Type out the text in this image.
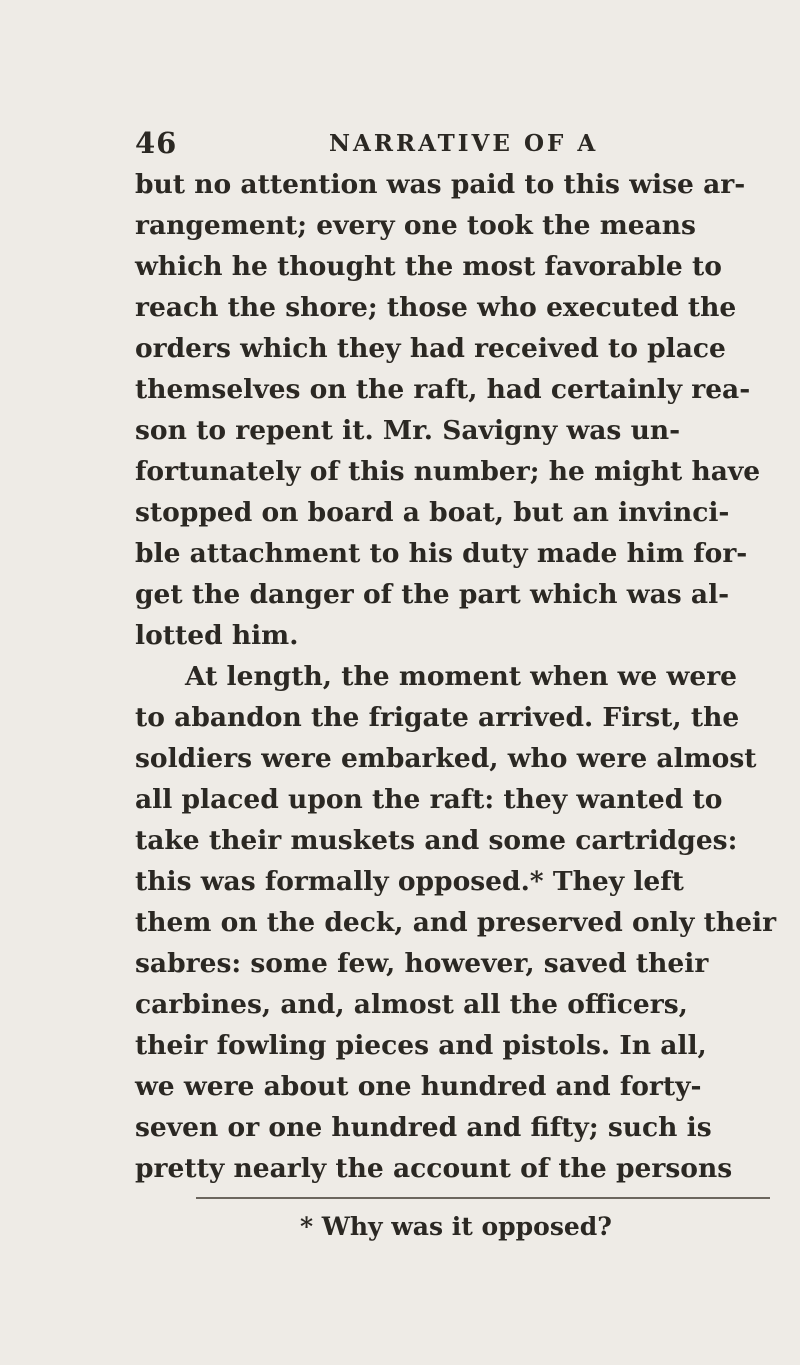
46	NARRATIVE OF A
but no attention was paid to this wise ar-
rangement; every one took the means
which he thought the most favorable to
reach the shore; those who executed the
orders which they had received to place
themselves on the raft, had certainly rea-
son to repent it. Mr. Savigny was un-
fortunately of this number; he might have
stopped on board a boat, but an invinci-
ble attachment to his duty made him for-
get the danger of the part which was al-
lotted him.
At length, the moment when we were
to abandon the frigate arrived. First, the
soldiers were embarked, who were almost
all placed upon the raft: they wanted to
take their muskets and some cartridges:
this was formally opposed.* They left
them on the deck, and preserved only their
sabres: some few, however, saved their
carbines, and, almost all the officers,
their fowling pieces and pistols. In all,
we were about one hundred and forty-
seven or one hundred and fifty; such is
pretty nearly the account of the persons
* Why was it opposed?
